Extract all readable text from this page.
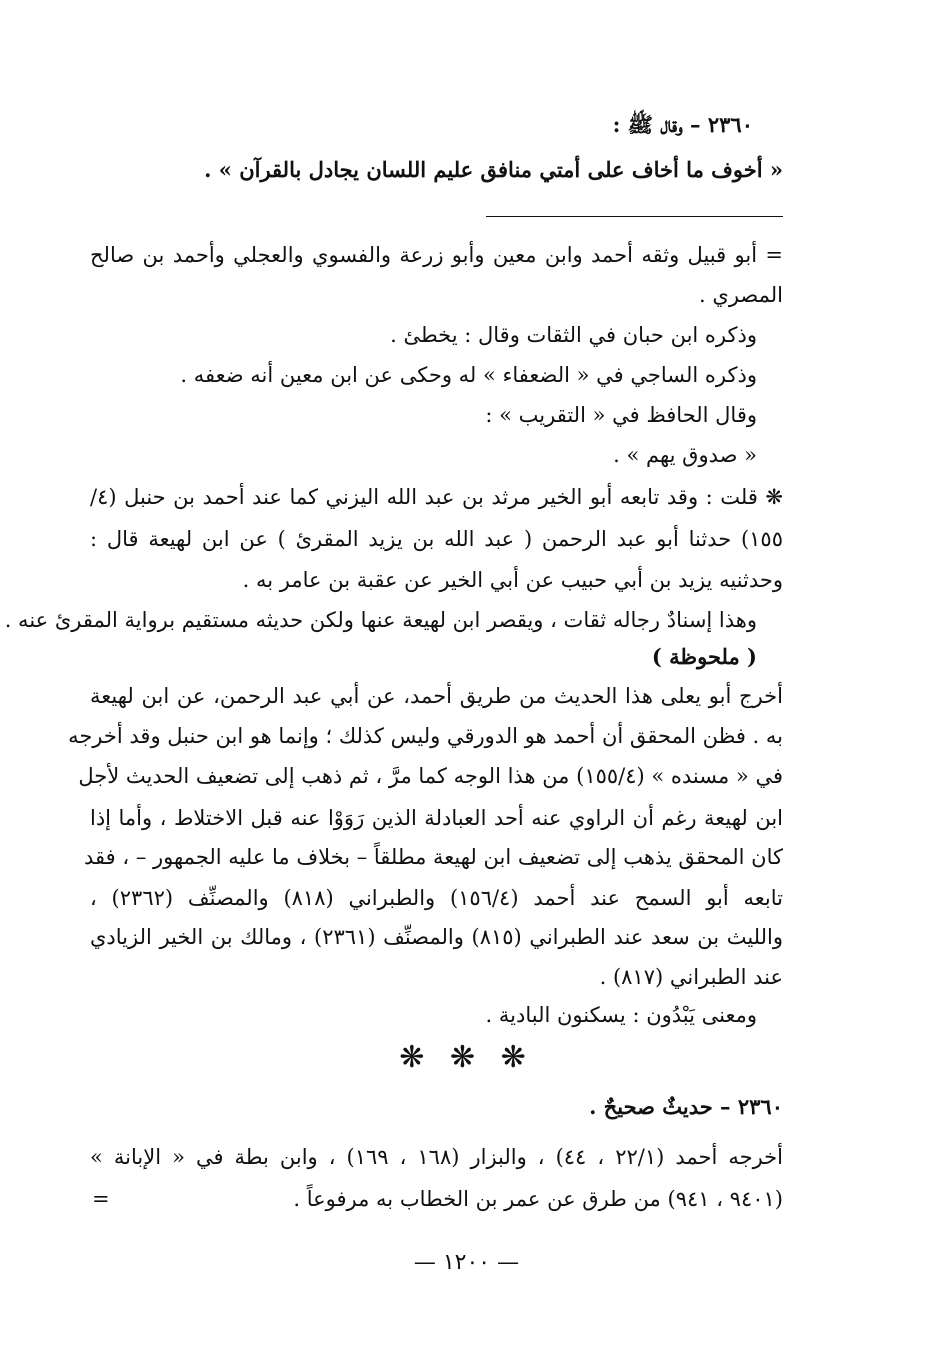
٢٣٦٠ – وقال ﷺ :
« أخوف ما أخاف على أمتي منافق عليم اللسان يجادل بالقرآن » .
= أبو قبيل وثقه أحمد وابن معين وأبو زرعة والفسوي والعجلي وأحمد بن صالح
المصري .
وذكره ابن حبان في الثقات وقال : يخطئ .
وذكره الساجي في « الضعفاء » له وحكى عن ابن معين أنه ضعفه .
وقال الحافظ في « التقريب » :
« صدوق يهم » .
❋ قلت : وقد تابعه أبو الخير مرثد بن عبد الله اليزني كما عند أحمد بن حنبل (٤/
١٥٥) حدثنا أبو عبد الرحمن ( عبد الله بن يزيد المقرئ ) عن ابن لهيعة قال :
وحدثنيه يزيد بن أبي حبيب عن أبي الخير عن عقبة بن عامر به .
وهذا إسنادٌ رجاله ثقات ، ويقصر ابن لهيعة عنها ولكن حديثه مستقيم برواية المقرئ عنه .
( ملحوظة )
أخرج أبو يعلى هذا الحديث من طريق أحمد، عن أبي عبد الرحمن، عن ابن لهيعة
به . فظن المحقق أن أحمد هو الدورقي وليس كذلك ؛ وإنما هو ابن حنبل وقد أخرجه
في « مسنده » (١٥٥/٤) من هذا الوجه كما مرَّ ، ثم ذهب إلى تضعيف الحديث لأجل
ابن لهيعة رغم أن الراوي عنه أحد العبادلة الذين رَوَوْا عنه قبل الاختلاط ، وأما إذا
كان المحقق يذهب إلى تضعيف ابن لهيعة مطلقاً – بخلاف ما عليه الجمهور – ، فقد
تابعه أبو السمح عند أحمد (١٥٦/٤) والطبراني (٨١٨) والمصنِّف (٢٣٦٢) ،
والليث بن سعد عند الطبراني (٨١٥) والمصنِّف (٢٣٦١) ، ومالك بن الخير الزيادي
عند الطبراني (٨١٧) .
ومعنى يَبْدُون : يسكنون البادية .
❋ ❋ ❋
٢٣٦٠ – حديثٌ صحيحٌ .
أخرجه أحمد (٢٢/١ ، ٤٤) ، والبزار (١٦٨ ، ١٦٩) ، وابن بطة في « الإبانة »
(٩٤٠١ ، ٩٤١) من طرق عن عمر بن الخطاب به مرفوعاً .
=
— ١٢٠٠ —
